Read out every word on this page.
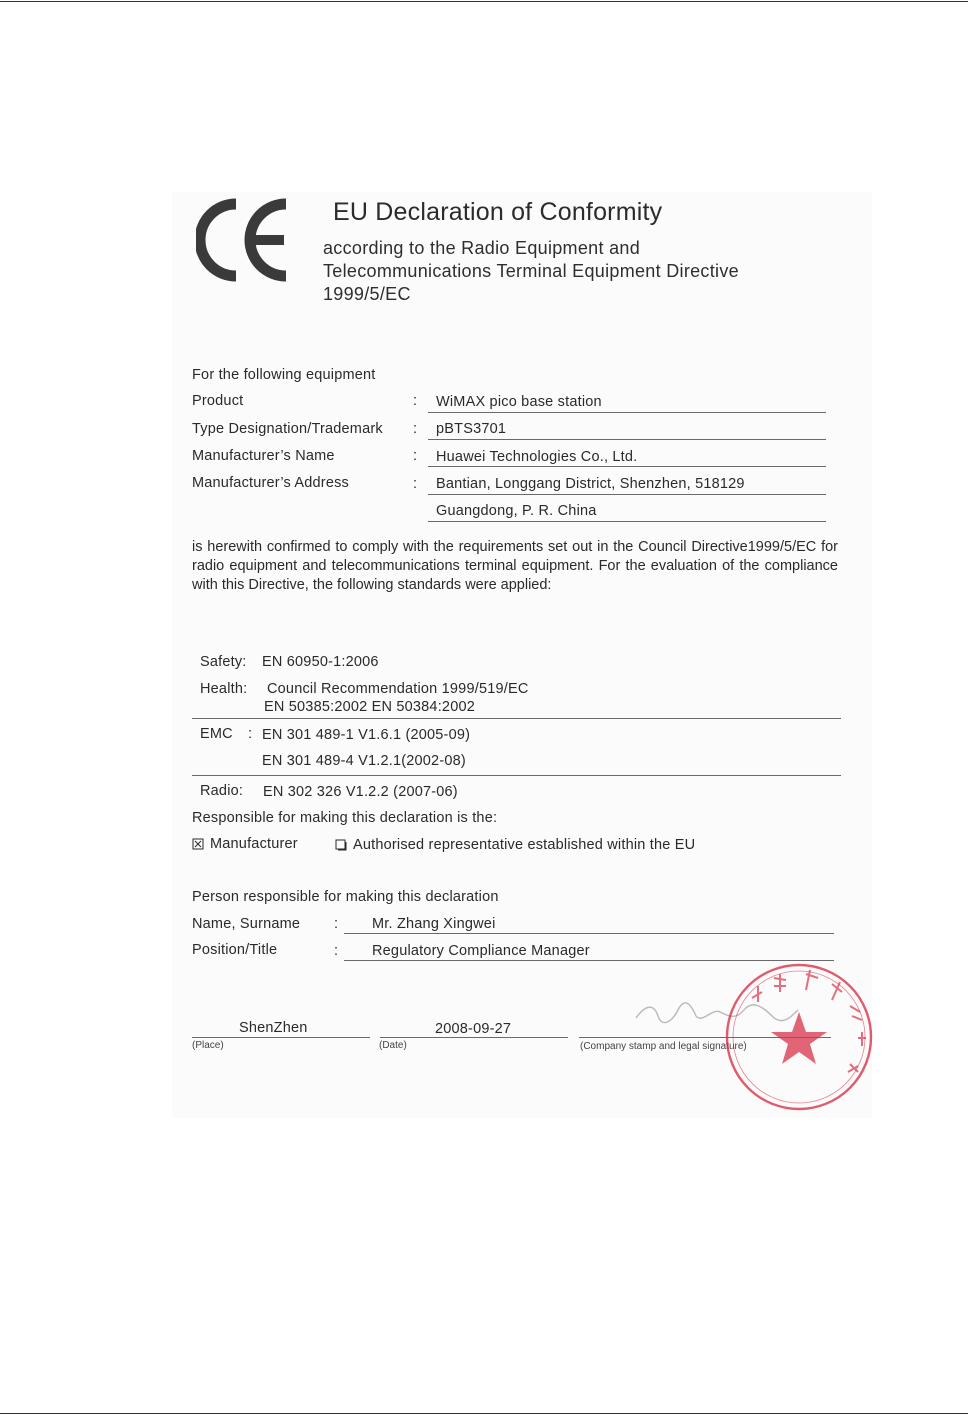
EU Declaration of Conformity
according to the Radio Equipment and
Telecommunications Terminal Equipment Directive
1999/5/EC
For the following equipment
Product	: WiMAX pico base station
Type Designation/Trademark : pBTS3701
Manufacturer’s Name	: Huawei Technologies Co., Ltd.
Manufacturer’s Address	: Bantian, Longgang District, Shenzhen, 518129
Guangdong, P. R. China
is herewith confirmed to comply with the requirements set out in the Council Directive1999/5/EC for radio equipment and telecommunications terminal equipment. For the evaluation of the compliance with this Directive, the following standards were applied:
Safety: EN 60950-1:2006
Health: Council Recommendation 1999/519/EC
EN 50385:2002 EN 50384:2002
EMC : EN 301 489-1 V1.6.1 (2005-09)
EN 301 489-4 V1.2.1(2002-08)
Radio: EN 302 326 V1.2.2 (2007-06)
Responsible for making this declaration is the:
Manufacturer	Authorised representative established within the EU
Person responsible for making this declaration
Name, Surname : Mr. Zhang Xingwei
Position/Title	: Regulatory Compliance Manager
ShenZhen
(Place)
2008-09-27
(Date)	(Company stamp and legal signature)
